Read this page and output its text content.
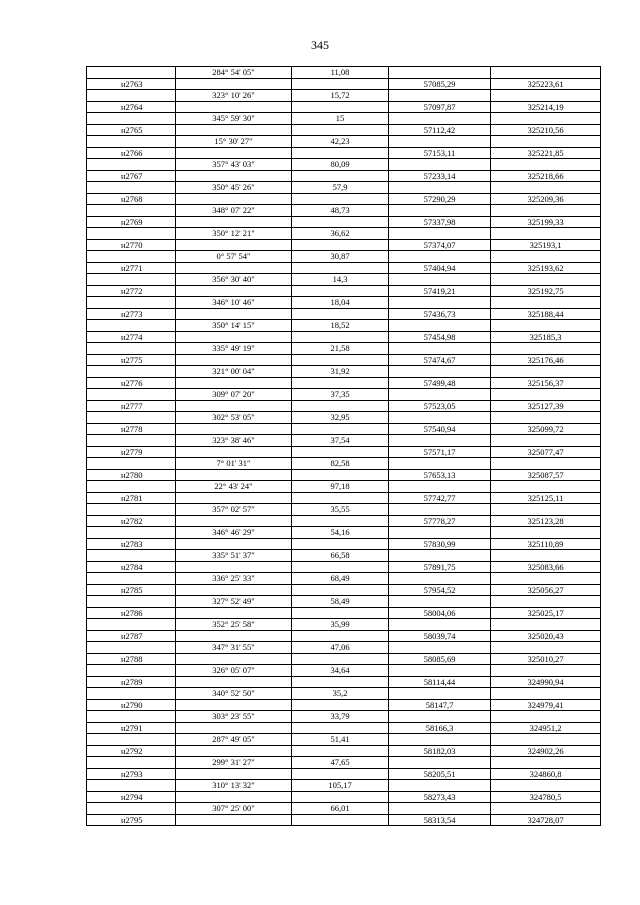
345
	284° 54' 05"	11,08		
н2763			57085,29	325223,61
	323° 10' 26"	15,72		
н2764			57097,87	325214,19
	345° 59' 30"	15		
н2765			57112,42	325210,56
	15° 30' 27"	42,23		
н2766			57153,11	325221,85
	357° 43' 03"	80,09		
н2767			57233,14	325218,66
	350° 45' 26"	57,9		
н2768			57290,29	325209,36
	348° 07' 22"	48,73		
н2769			57337,98	325199,33
	350° 12' 21"	36,62		
н2770			57374,07	325193,1
	0° 57' 54"	30,87		
н2771			57404,94	325193,62
	356° 30' 40"	14,3		
н2772			57419,21	325192,75
	346° 10' 46"	18,04		
н2773			57436,73	325188,44
	350° 14' 15"	18,52		
н2774			57454,98	325185,3
	335° 49' 19"	21,58		
н2775			57474,67	325176,46
	321° 00' 04"	31,92		
н2776			57499,48	325156,37
	309° 07' 20"	37,35		
н2777			57523,05	325127,39
	302° 53' 05"	32,95		
н2778			57540,94	325099,72
	323° 38' 46"	37,54		
н2779			57571,17	325077,47
	7° 01' 31"	82,58		
н2780			57653,13	325087,57
	22° 43' 24"	97,18		
н2781			57742,77	325125,11
	357° 02' 57"	35,55		
н2782			57778,27	325123,28
	346° 46' 29"	54,16		
н2783			57830,99	325110,89
	335° 51' 37"	66,58		
н2784			57891,75	325083,66
	336° 25' 33"	68,49		
н2785			57954,52	325056,27
	327° 52' 49"	58,49		
н2786			58004,06	325025,17
	352° 25' 58"	35,99		
н2787			58039,74	325020,43
	347° 31' 55"	47,06		
н2788			58085,69	325010,27
	326° 05' 07"	34,64		
н2789			58114,44	324990,94
	340° 52' 50"	35,2		
н2790			58147,7	324979,41
	303° 23' 55"	33,79		
н2791			58166,3	324951,2
	287° 49' 05"	51,41		
н2792			58182,03	324902,26
	299° 31' 27"	47,65		
н2793			58205,51	324860,8
	310° 13' 32"	105,17		
н2794			58273,43	324780,5
	307° 25' 00"	66,01		
н2795			58313,54	324728,07
